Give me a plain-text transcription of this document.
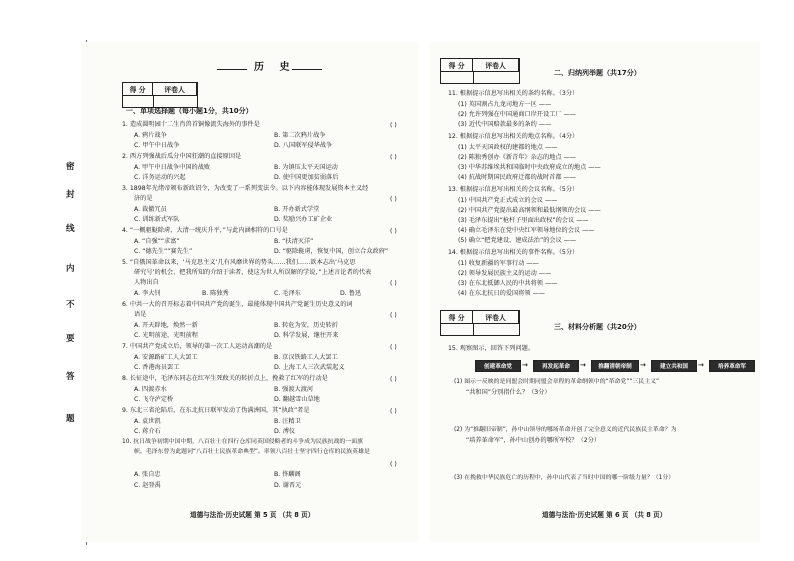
密
封
线
内
不
要
答
题
历 史
得 分	评卷人
一、单项选择题（每小题1分，共10分）
1. 造成圆明园十二生肖兽首铜像流失海外的事件是	( )
A. 鸦片战争	B. 第二次鸦片战争
C. 甲午中日战争	D. 八国联军侵华战争
2. 西方列强战后瓜分中国狂潮的直接原因是	( )
A. 甲午中日战争中国的战败	B. 为镇压太平天国运动
C. 洋务运动的兴起	D. 使中国更加贫弱落后
3. 1898年光绪帝颁布新政诏令，为改变了一系列变法令。以下内容能体现发展资本主义经
济的是	( )
A. 裁撤冗员	B. 开办新式学堂
C. 训练新式军队	D. 奖励兴办工矿企业
4. “一概驱鞑除虏，大清一统庆升平，”与此内涵相符的口号是	( )
A. “自强”“求富”	B. “扶清灭洋”
C. “德先生”“赛先生”	D. “驱除鞑虏，恢复中国，创立合众政府”
5. “自俄国革命以来，‘马克思主义’几有风靡世界的势头……我们……欲本志出‘马克思
研究号’的机会，把我所知的介绍于读者，使这为世人所误解的学说，”上述言论者的代表
人物出自	( )
A. 李大钊	B. 陈独秀	C. 毛泽东	D. 鲁迅
6. 中共一大的召开标志着中国共产党的诞生，最能体现中国共产党诞生历史意义的词
语是	( )
A. 开天辟地，焕然一新	B. 转危为安，历史转折
C. 光明前途，光明前程	D. 科学发展，继往开来
7. 中国共产党成立后，领导的第一次工人运动高潮的是	( )
A. 安源路矿工人大罢工	B. 京汉铁路工人大罢工
C. 香港海员罢工	D. 上海工人三次武装起义
8. 长征途中，毛泽东同志在红军生死攸关的转折点上，挽救了红军的行动是	( )
A. 四渡赤水	B. 强渡大渡河
C. 飞夺泸定桥	D. 翻越雪山草地
9. 东北三省沦陷后，在东北抗日联军发动了伪满洲国，其“执政”者是	( )
A. 袁世凯	B. 汪精卫
C. 蒋介石	D. 溥仪
10. 抗日战争初期中国中期，八百壮士在四行仓库同英国侵略者的斗争成为民族抗战的一面旗
帜。毛泽东曾为此题词“八百壮士民族革命典型”。率领八百壮士坚守四行仓库的民族英雄是
( )
A. 张自忠	B. 佟麟阁
C. 赵登禹	D. 谢晋元
道德与法治·历史试题 第 5 页 （共 8 页）
得 分	评卷人
二、归纳列举题（共17分）
11. 根据提示信息写出相关的条约名称。（3分）
(1) 英国割占九龙司地方一区 ——
(2) 允许列强在中国通商口岸开设工厂 ——
(3) 近代中国赔款最多的条约 ——
12. 根据提示信息写出相关的地点名称。（4分）
(1) 太平天国政权的建都的地点 ——
(2) 陈独秀创办《新青年》杂志的地点 ——
(3) 中华苏维埃共和国临时中央政府成立的地点 ——
(4) 抗战时期国民政府迁都的战时首都 ——
13. 根据提示信息写出相关的会议名称。（5分）
(1) 中国共产党正式成立的会议 ——
(2) 中国共产党提出最高纲领和最低纲领的会议 ——
(3) 毛泽东提出“枪杆子里面出政权”的会议 ——
(4) 确立毛泽东在党中央红军领导地位的会议 ——
(5) 确立“把党建设、建成法治”的会议 ——
14. 根据提示信息写出相关的事件名称。（5分）
(1) 收复新疆的军事行动 ——
(2) 领导发展民族主义的运动 ——
(3) 在东北抵御人民的中共将领 ——
(4) 在东北抗日的爱国将领 ——
得 分	评卷人
三、材料分析题（共20分）
15. 观察图示，回答下列问题。
创建革命党	→	再发起革命	→	推翻清朝帝制	→	建立共和国	→	培养革命军
(1) 图示一反映的是同盟会时期同盟会章程的革命纲领中的“革命党”“三民主义”
“共和国”分别指什么？（3分）
(2) 为“推翻旧帝制”，孙中山领导的哪场革命开创了完全意义的近代民族民主革命？为
“培养革命军”，孙中山创办的哪所军校？（2分）
(3) 在挽救中华民族危亡的历程中，孙中山代表了当时中国的哪一阶级力量？（1分）
道德与法治·历史试题 第 6 页 （共 8 页）
